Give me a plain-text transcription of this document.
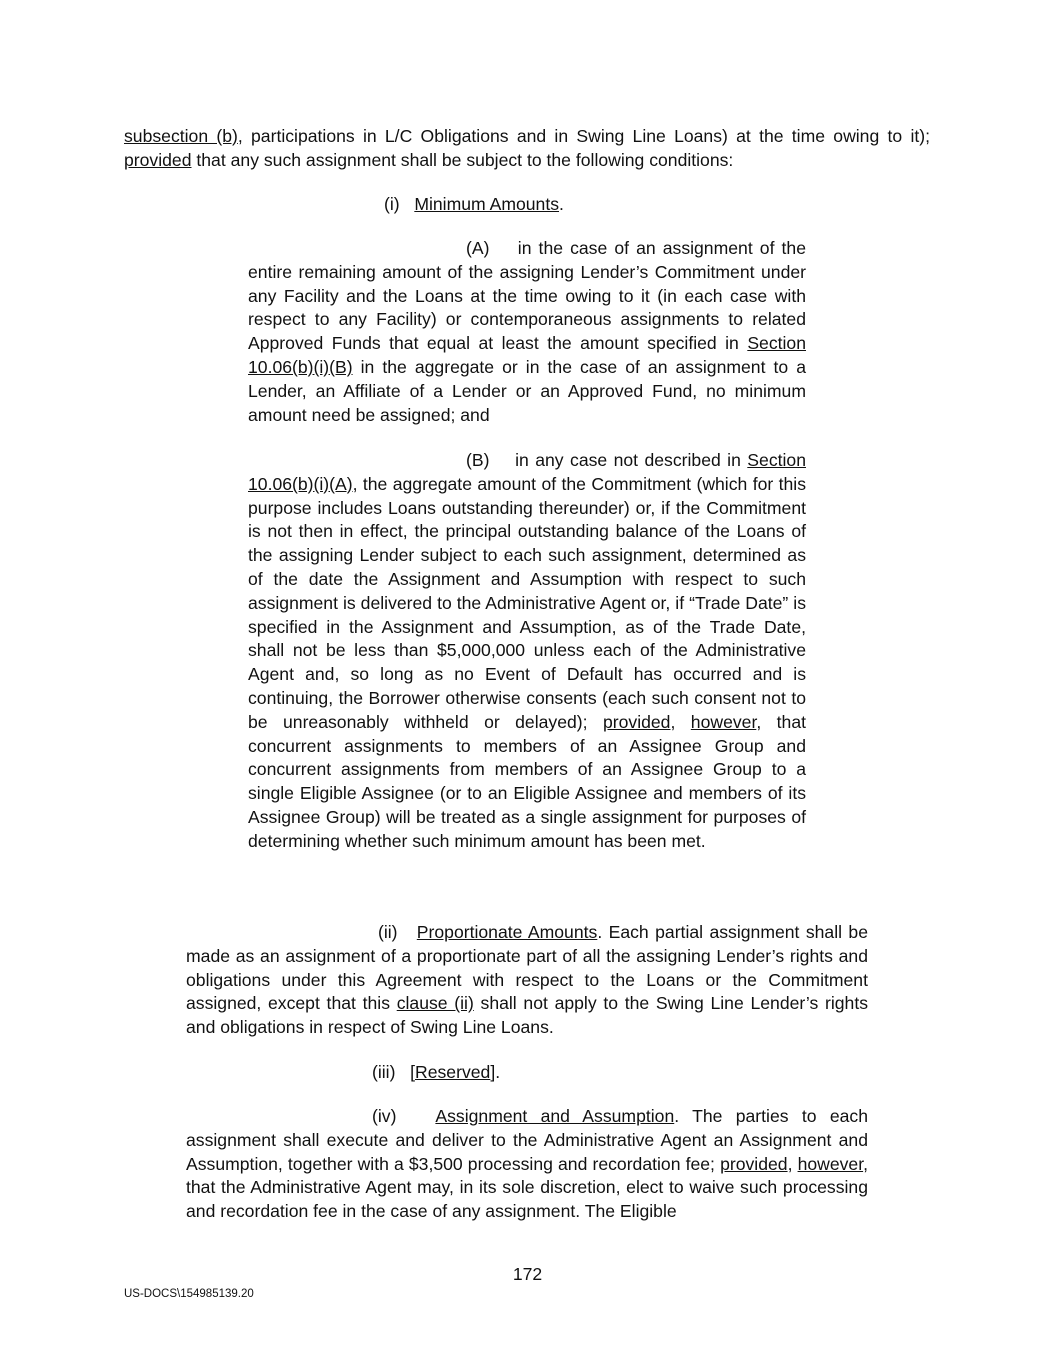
subsection (b), participations in L/C Obligations and in Swing Line Loans) at the time owing to it); provided that any such assignment shall be subject to the following conditions:

(i) Minimum Amounts.

(A) in the case of an assignment of the entire remaining amount of the assigning Lender’s Commitment under any Facility and the Loans at the time owing to it (in each case with respect to any Facility) or contemporaneous assignments to related Approved Funds that equal at least the amount specified in Section 10.06(b)(i)(B) in the aggregate or in the case of an assignment to a Lender, an Affiliate of a Lender or an Approved Fund, no minimum amount need be assigned; and

(B) in any case not described in Section 10.06(b)(i)(A), the aggregate amount of the Commitment (which for this purpose includes Loans outstanding thereunder) or, if the Commitment is not then in effect, the principal outstanding balance of the Loans of the assigning Lender subject to each such assignment, determined as of the date the Assignment and Assumption with respect to such assignment is delivered to the Administrative Agent or, if “Trade Date” is specified in the Assignment and Assumption, as of the Trade Date, shall not be less than $5,000,000 unless each of the Administrative Agent and, so long as no Event of Default has occurred and is continuing, the Borrower otherwise consents (each such consent not to be unreasonably withheld or delayed); provided, however, that concurrent assignments to members of an Assignee Group and concurrent assignments from members of an Assignee Group to a single Eligible Assignee (or to an Eligible Assignee and members of its Assignee Group) will be treated as a single assignment for purposes of determining whether such minimum amount has been met.

(ii) Proportionate Amounts. Each partial assignment shall be made as an assignment of a proportionate part of all the assigning Lender’s rights and obligations under this Agreement with respect to the Loans or the Commitment assigned, except that this clause (ii) shall not apply to the Swing Line Lender’s rights and obligations in respect of Swing Line Loans.

(iii) [Reserved].

(iv) Assignment and Assumption. The parties to each assignment shall execute and deliver to the Administrative Agent an Assignment and Assumption, together with a $3,500 processing and recordation fee; provided, however, that the Administrative Agent may, in its sole discretion, elect to waive such processing and recordation fee in the case of any assignment. The Eligible

172
US-DOCS\154985139.20
